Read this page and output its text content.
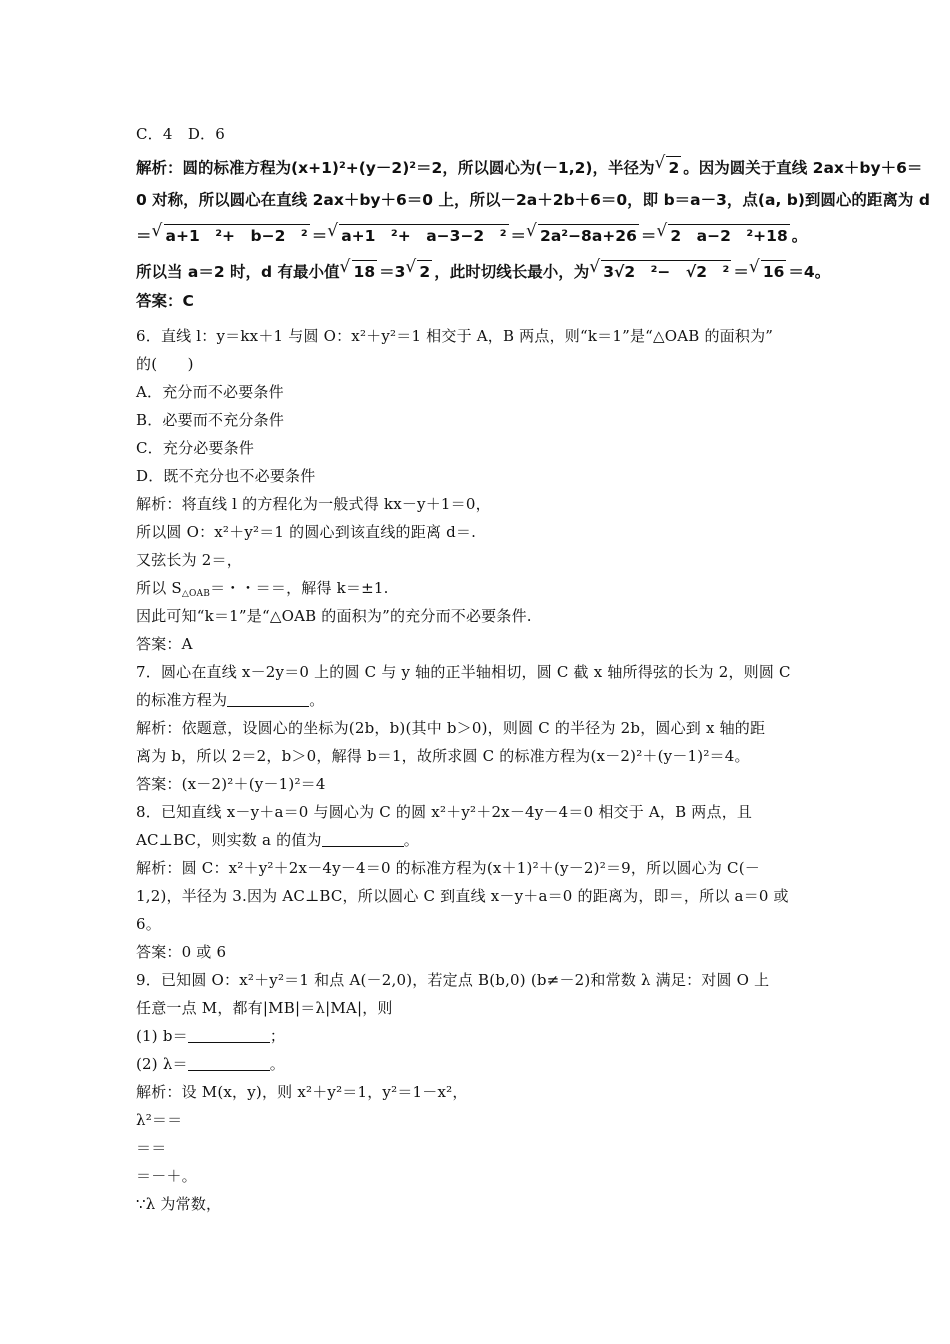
C．4　D．6
解析：圆的标准方程为(x+1)²+(y－2)²＝2，所以圆心为(－1,2)，半径为 √ 2 。因为圆关于直线 2ax＋by＋6＝
0 对称，所以圆心在直线 2ax＋by＋6＝0 上，所以－2a＋2b＋6＝0，即 b＝a－3，点(a, b)到圆心的距离为 d
＝ √ a+1　²+　b−2　² ＝ √ a+1　²+　a−3−2　² ＝ √ 2a²−8a+26 ＝ √ 2　a−2　²+18 。
所以当 a＝2 时，d 有最小值 √ 18 ＝3 √ 2 ，此时切线长最小，为 √ 3√2　²−　√2　² ＝ √ 16 ＝4。
答案：C
6．直线 l：y＝kx＋1 与圆 O：x²＋y²＝1 相交于 A，B 两点，则“k＝1”是“△OAB 的面积为”
的(　　)
A．充分而不必要条件
B．必要而不充分条件
C．充分必要条件
D．既不充分也不必要条件
解析：将直线 l 的方程化为一般式得 kx－y＋1＝0，
所以圆 O：x²＋y²＝1 的圆心到该直线的距离 d＝.
又弦长为 2＝，
所以 $S_{\triangle OAB}=$・・＝＝，解得 k＝±1.
因此可知“k＝1”是“△OAB 的面积为”的充分而不必要条件.
答案：A
7．圆心在直线 x－2y＝0 上的圆 C 与 y 轴的正半轴相切，圆 C 截 x 轴所得弦的长为 2，则圆 C
的标准方程为	。
解析：依题意，设圆心的坐标为(2b，b)(其中 b＞0)，则圆 C 的半径为 2b，圆心到 x 轴的距
离为 b，所以 2＝2，b＞0，解得 b＝1，故所求圆 C 的标准方程为(x－2)²＋(y－1)²＝4。
答案：(x－2)²＋(y－1)²＝4
8．已知直线 x－y＋a＝0 与圆心为 C 的圆 x²＋y²＋2x－4y－4＝0 相交于 A，B 两点，且
AC⊥BC，则实数 a 的值为	。
解析：圆 C：x²＋y²＋2x－4y－4＝0 的标准方程为(x＋1)²＋(y－2)²＝9，所以圆心为 C(－
1,2)，半径为 3.因为 AC⊥BC，所以圆心 C 到直线 x－y＋a＝0 的距离为，即＝，所以 a＝0 或
6。
答案：0 或 6
9．已知圆 O：x²＋y²＝1 和点 A(－2,0)，若定点 B(b,0) (b≠－2)和常数 λ 满足：对圆 O 上
任意一点 M，都有|MB|＝λ|MA|，则
(1) b＝	；
(2) λ＝	。
解析：设 M(x，y)，则 x²＋y²＝1，y²＝1－x²，
λ²＝＝
＝＝
＝－＋。
∵λ 为常数，
